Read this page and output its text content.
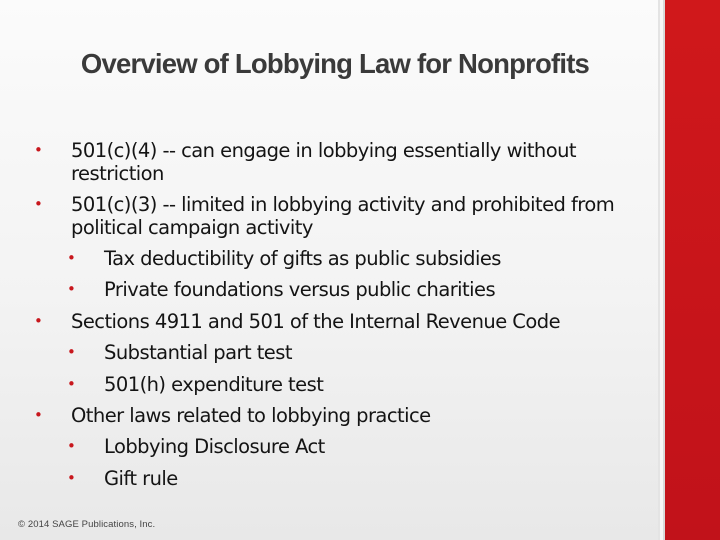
Overview of Lobbying Law for Nonprofits
•	501(c)(4) -- can engage in lobbying essentially without restriction
•	501(c)(3) -- limited in lobbying activity and prohibited from political campaign activity
•	Tax deductibility of gifts as public subsidies
•	Private foundations versus public charities
•	Sections 4911 and 501 of the Internal Revenue Code
•	Substantial part test
•	501(h) expenditure test
•	Other laws related to lobbying practice
•	Lobbying Disclosure Act
•	Gift rule
© 2014 SAGE Publications, Inc.
